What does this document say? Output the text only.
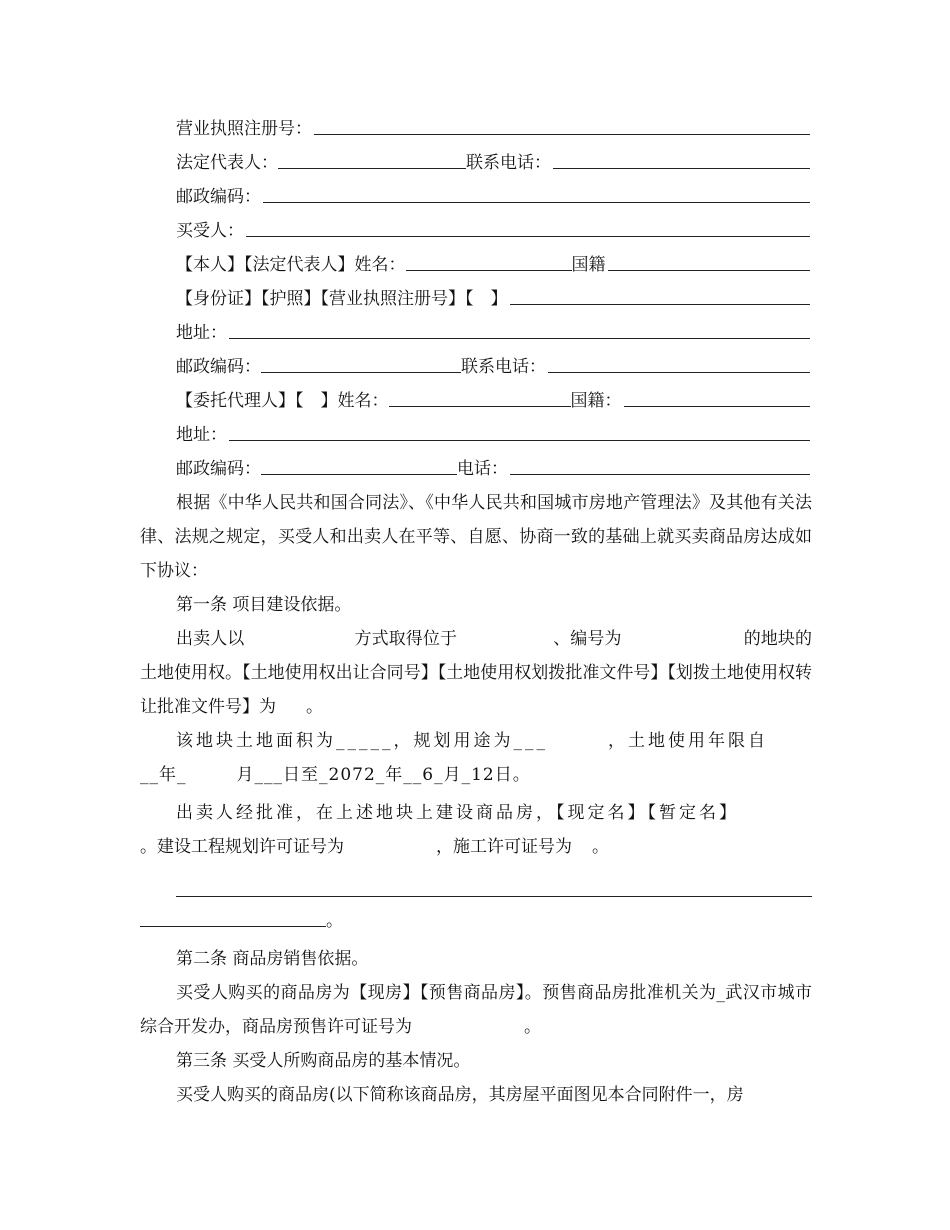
营业执照注册号：
法定代表人：	联系电话：
邮政编码：
买受人：
【本人】【法定代表人】姓名：	国籍
【身份证】【护照】【营业执照注册号】【　】
地址：
邮政编码：	联系电话：
【委托代理人】【　】姓名：	国籍：
地址：
邮政编码：	电话：

根据《中华人民共和国合同法》、《中华人民共和国城市房地产管理法》及其他有关法律、法规之规定，买受人和出卖人在平等、自愿、协商一致的基础上就买卖商品房达成如下协议：

第一条 项目建设依据。

出卖人以	方式取得位于	、编号为	的地块的土地使用权。【土地使用权出让合同号】【土地使用权划拨批准文件号】【划拨土地使用权转让批准文件号】为 。

该地块土地面积为_____，规划用途为___	，土地使用年限自

__年_	月___日至_2072_年__6_月_12日。

出卖人经批准，在上述地块上建设商品房，【现定名】【暂定名】

。建设工程规划许可证号为	，施工许可证号为 。
。
第二条 商品房销售依据。

买受人购买的商品房为【现房】【预售商品房】。预售商品房批准机关为_武汉市城市综合开发办，商品房预售许可证号为	。

第三条 买受人所购商品房的基本情况。

买受人购买的商品房(以下简称该商品房，其房屋平面图见本合同附件一，房
